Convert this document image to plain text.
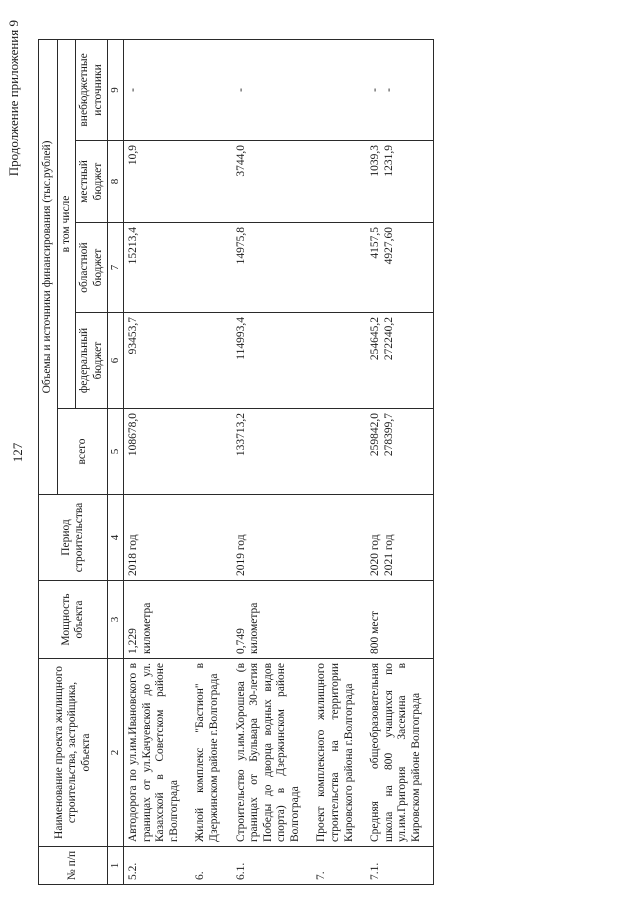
127
Продолжение приложения 9
№ п/п	Наименование проекта жилищного строительства, застройщика, объекта	Мощность объекта	Период строительства	Объемы и источники финансирования (тыс.рублей)				
				всего	в том числе			
					федеральный бюджет	областной бюджет	местный бюджет	внебюджетные источники
1	2	3	4	5	6	7	8	9
5.2.	Автодорога по ул.им.Ивановского в границах от ул.Качуевской до ул. Казахской в Советском районе г.Волгограда	1,229 километра	2018 год	108678,0	93453,7	15213,4	10,9	-

6.	Жилой комплекс "Бастион" в Дзержинском районе г.Волгограда							
6.1.	Строительство ул.им.Хорошева (в границах от Бульвара 30-летия Победы до дворца водных видов спорта) в Дзержинском районе Волгограда	0,749 километра	2019 год	133713,2	114993,4	14975,8	3744,0	-

7.	Проект комплексного жилищного строительства на территории Кировского района г.Волгограда							
7.1.	Средняя общеобразовательная школа на 800 учащихся по ул.им.Григория Засекина в Кировском районе Волгограда	800 мест	2020 год 2021 год	259842,0 278399,7	254645,2 272240,2	4157,5 4927,60	1039,3 1231,9	- -
